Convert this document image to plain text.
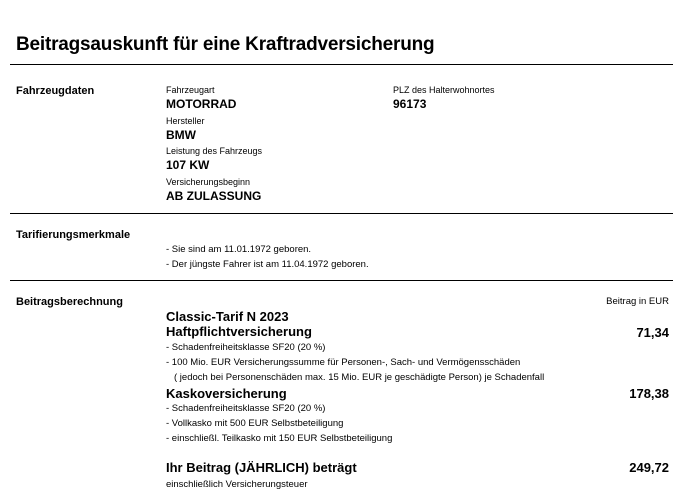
Beitragsauskunft für eine Kraftradversicherung
Fahrzeugdaten	Fahrzeugart
MOTORRAD
Hersteller
BMW
Leistung des Fahrzeugs
107 KW
Versicherungsbeginn
AB ZULASSUNG
PLZ des Halterwohnortes
96173
Tarifierungsmerkmale
- Sie sind am 11.01.1972 geboren.
- Der jüngste Fahrer ist am 11.04.1972 geboren.
Beitragsberechnung	Beitrag in EUR
Classic-Tarif N 2023
Haftpflichtversicherung	71,34
- Schadenfreiheitsklasse SF20 (20 %)
- 100 Mio. EUR Versicherungssumme für Personen-, Sach- und Vermögensschäden
( jedoch bei Personenschäden max. 15 Mio. EUR je geschädigte Person) je Schadenfall
Kaskoversicherung	178,38
- Schadenfreiheitsklasse SF20 (20 %)
- Vollkasko mit 500 EUR Selbstbeteiligung
- einschließl. Teilkasko mit 150 EUR Selbstbeteiligung
Ihr Beitrag (JÄHRLICH) beträgt	249,72
einschließlich Versicherungsteuer
